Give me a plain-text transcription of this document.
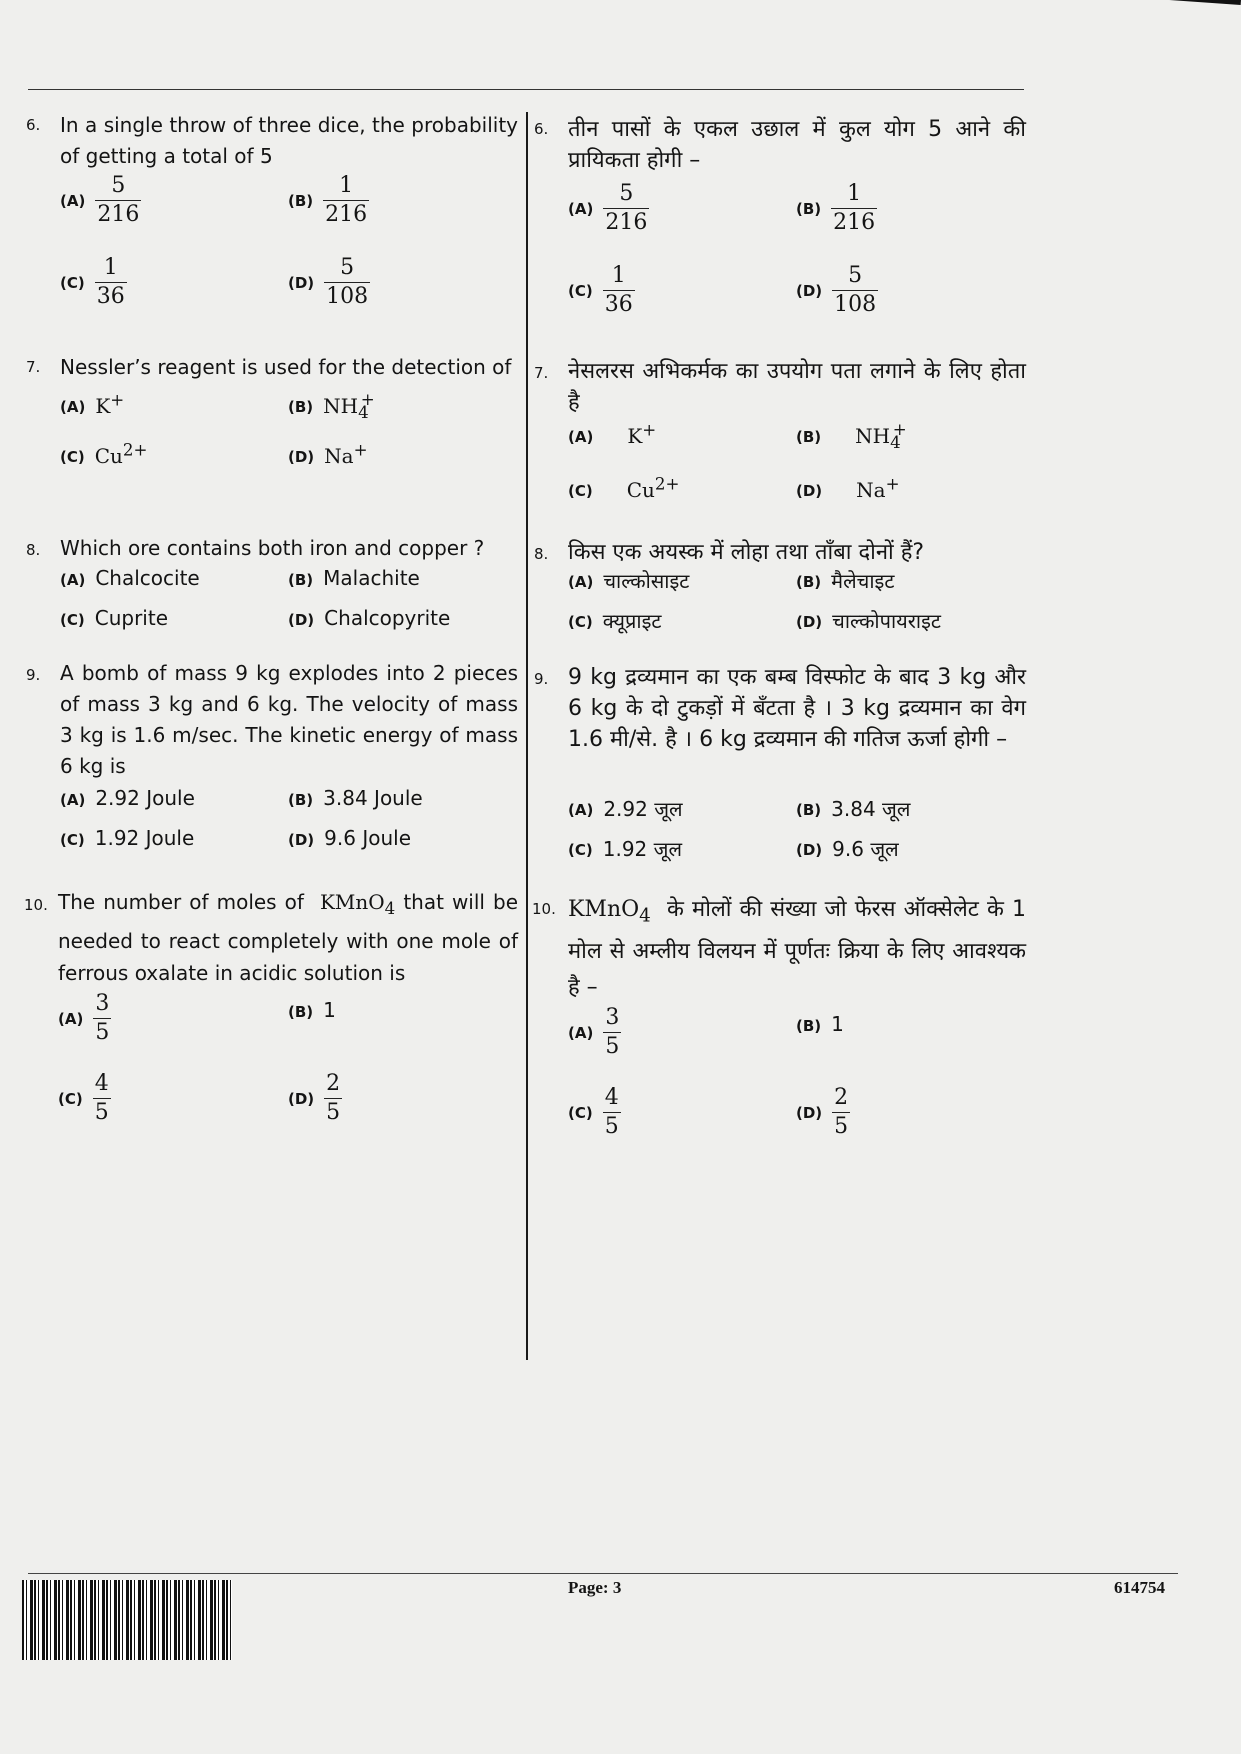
6. In a single throw of three dice, the probability of getting a total of 5
$(A) \frac{5}{216}$	$(B) \frac{1}{216}$
$(C) \frac{1}{36}$	$(D) \frac{5}{108}$
7. Nessler’s reagent is used for the detection of
(A) K+	(B) $NH_4^+$
(C) $Cu^{2+}$	(D) Na+
8. Which ore contains both iron and copper ?
(A) Chalcocite	(B) Malachite
(C) Cuprite	(D) Chalcopyrite
9. A bomb of mass 9 kg explodes into 2 pieces of mass 3 kg and 6 kg. The velocity of mass 3 kg is 1.6 m/sec. The kinetic energy of mass 6 kg is
(A) 2.92 Joule	(B) 3.84 Joule
(C) 1.92 Joule	(D) 9.6 Joule
10. The number of moles of KMnO$_4$ that will be needed to react completely with one mole of ferrous oxalate in acidic solution is
$(A) \frac{3}{5}$	(B) 1
$(C) \frac{4}{5}$	$(D) \frac{2}{5}$
6. तीन पासों के एकल उछाल में कुल योग 5 आने की प्रायिकता होगी –
$(A) \frac{5}{216}$	$(B) \frac{1}{216}$
$(C) \frac{1}{36}$	$(D) \frac{5}{108}$
7. नेसलरस अभिकर्मक का उपयोग पता लगाने के लिए होता है
(A) K+	(B) $NH_4^+$
(C) $Cu^{2+}$	(D) Na+
8. किस एक अयस्क में लोहा तथा ताँबा दोनों हैं?
(A) चाल्कोसाइट	(B) मैलेचाइट
(C) क्यूप्राइट	(D) चाल्कोपायराइट
9. 9 kg द्रव्यमान का एक बम्ब विस्फोट के बाद 3 kg और 6 kg के दो टुकड़ों में बँटता है । 3 kg द्रव्यमान का वेग 1.6 मी/से. है । 6 kg द्रव्यमान की गतिज ऊर्जा होगी –
(A) 2.92 जूल	(B) 3.84 जूल
(C) 1.92 जूल	(D) 9.6 जूल
10. KMnO$_4$ के मोलों की संख्या जो फेरस ऑक्सेलेट के 1 मोल से अम्लीय विलयन में पूर्णतः क्रिया के लिए आवश्यक है –
$(A) \frac{3}{5}$	(B) 1
$(C) \frac{4}{5}$	$(D) \frac{2}{5}$
Page: 3	614754
